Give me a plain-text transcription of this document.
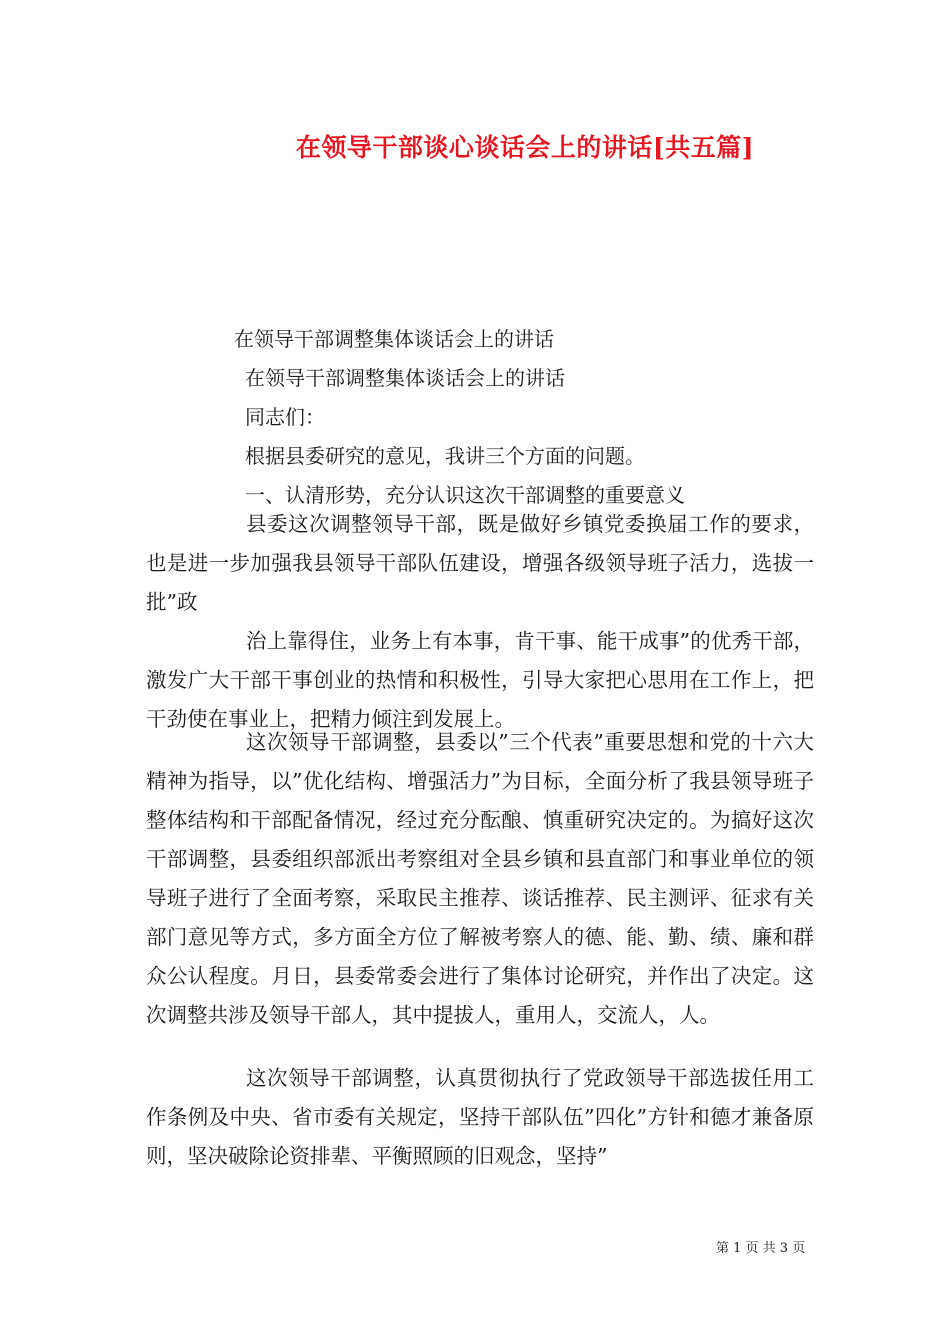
在领导干部谈心谈话会上的讲话[共五篇]
在领导干部调整集体谈话会上的讲话
在领导干部调整集体谈话会上的讲话
同志们：
根据县委研究的意见，我讲三个方面的问题。
一、认清形势，充分认识这次干部调整的重要意义

县委这次调整领导干部，既是做好乡镇党委换届工作的要求，也是进一步加强我县领导干部队伍建设，增强各级领导班子活力，选拔一批”政

治上靠得住，业务上有本事，肯干事、能干成事”的优秀干部，激发广大干部干事创业的热情和积极性，引导大家把心思用在工作上，把干劲使在事业上，把精力倾注到发展上。

这次领导干部调整，县委以”三个代表”重要思想和党的十六大精神为指导，以”优化结构、增强活力”为目标，全面分析了我县领导班子整体结构和干部配备情况，经过充分酝酿、慎重研究决定的。为搞好这次干部调整，县委组织部派出考察组对全县乡镇和县直部门和事业单位的领导班子进行了全面考察，采取民主推荐、谈话推荐、民主测评、征求有关部门意见等方式，多方面全方位了解被考察人的德、能、勤、绩、廉和群众公认程度。月日，县委常委会进行了集体讨论研究，并作出了决定。这次调整共涉及领导干部人，其中提拔人，重用人，交流人，人。

这次领导干部调整，认真贯彻执行了党政领导干部选拔任用工作条例及中央、省市委有关规定，坚持干部队伍”四化”方针和德才兼备原则，坚决破除论资排辈、平衡照顾的旧观念，坚持”

第 1 页 共 3 页
